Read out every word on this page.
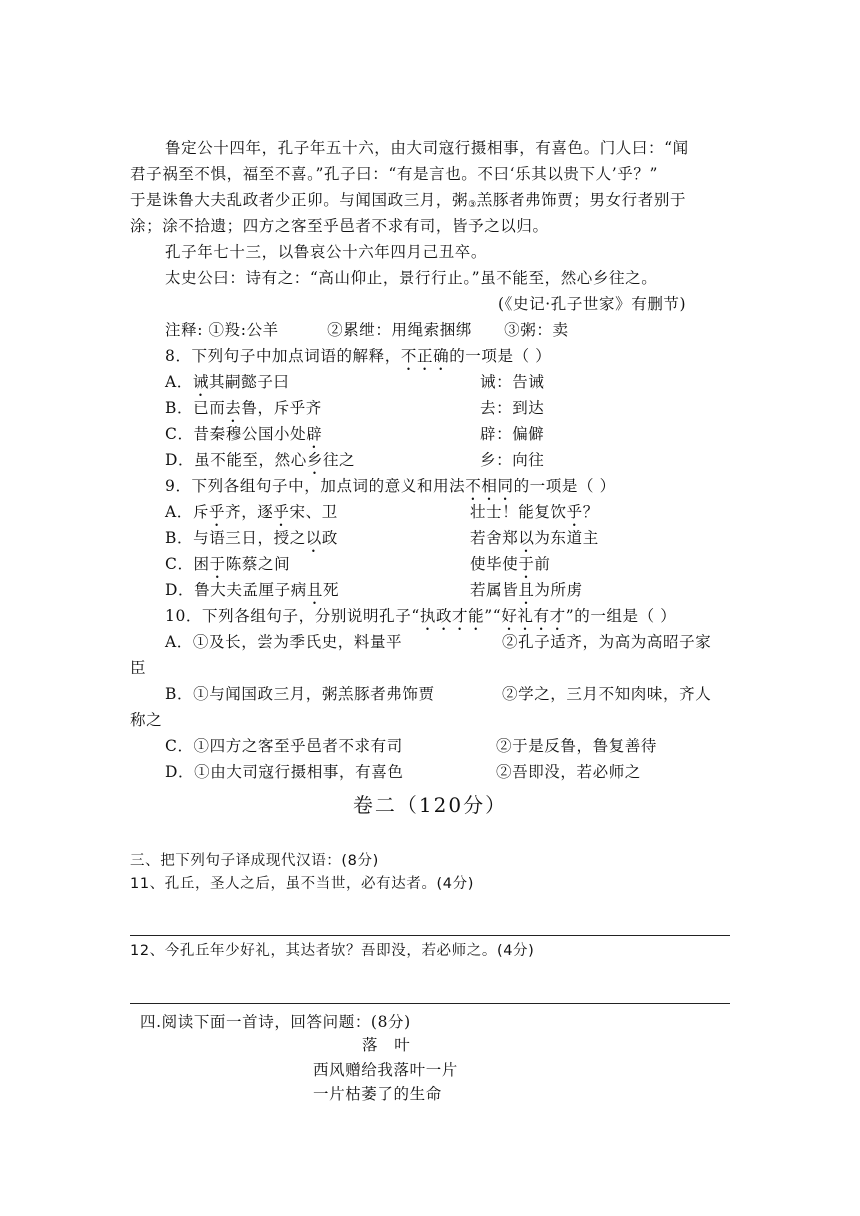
鲁定公十四年，孔子年五十六，由大司寇行摄相事，有喜色。门人曰：“闻
君子祸至不惧，福至不喜。”孔子曰：“有是言也。不曰‘乐其以贵下人’乎？”
于是诛鲁大夫乱政者少正卯。与闻国政三月，粥$_③$羔豚者弗饰贾；男女行者别于
涂；涂不拾遗；四方之客至乎邑者不求有司，皆予之以归。
孔子年七十三，以鲁哀公十六年四月己丑卒。
太史公曰：诗有之：“高山仰止，景行行止。”虽不能至，然心乡往之。
(《史记·孔子世家》有删节)
注释: ①羖:公羊　　　②累绁：用绳索捆绑　　③粥：卖
8．下列句子中加点词语的解释，不正确的一项是（ ）
A．诫其嗣懿子曰	诫：告诫
B．已而去鲁，斥乎齐	去：到达
C．昔秦穆公国小处辟	辟：偏僻
D．虽不能至，然心乡往之	乡：向往
9．下列各组句子中，加点词的意义和用法不相同的一项是（ ）
A．斥乎齐，逐乎宋、卫	壮士！能复饮乎？
B．与语三日，授之以政	若舍郑以为东道主
C．困于陈蔡之间	使毕使于前
D．鲁大夫孟厘子病且死	若属皆且为所虏
10．下列各组句子，分别说明孔子“执政才能”“好礼有才”的一组是（ ）
A．①及长，尝为季氏史，料量平	②孔子适齐，为高为高昭子家
臣
B．①与闻国政三月，粥羔豚者弗饰贾	②学之，三月不知肉味，齐人
称之
C．①四方之客至乎邑者不求有司	②于是反鲁，鲁复善待
D．①由大司寇行摄相事，有喜色	②吾即没，若必师之
卷二（120分）
三、把下列句子译成现代汉语：(8分)
11、孔丘，圣人之后，虽不当世，必有达者。(4分)
12、今孔丘年少好礼，其达者欤？吾即没，若必师之。(4分)
四.阅读下面一首诗，回答问题：(8分)
落　叶
西风赠给我落叶一片
一片枯萎了的生命
